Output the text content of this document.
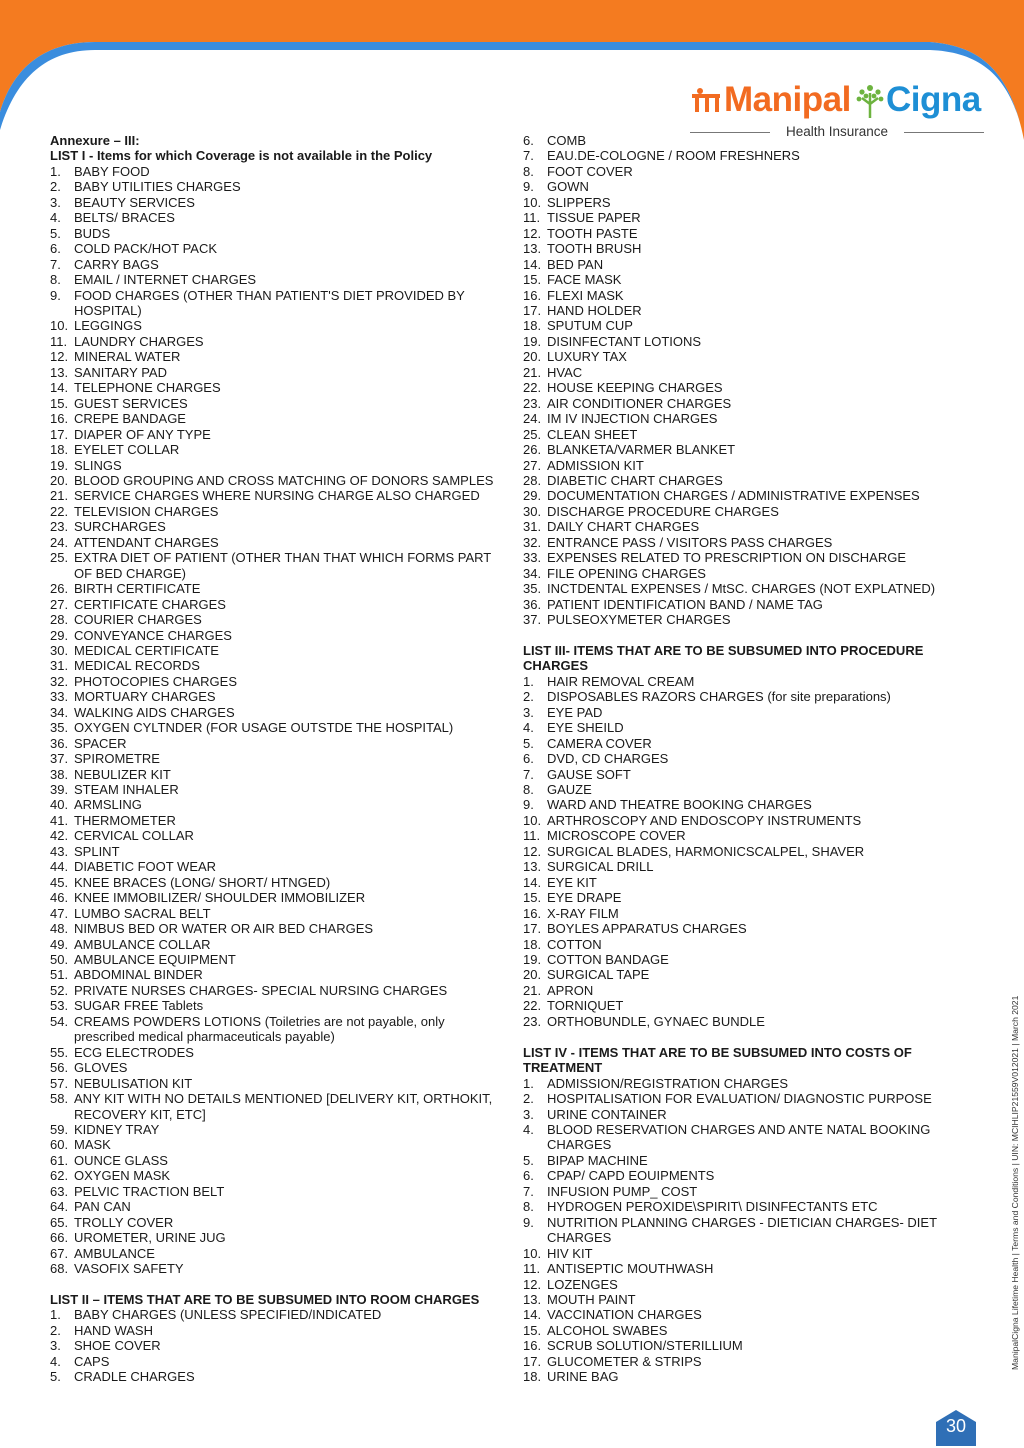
Manipal Cigna
Health Insurance
Annexure – III:
LIST I - Items for which Coverage is not available in the Policy
1. BABY FOOD
2. BABY UTILITIES CHARGES
3. BEAUTY SERVICES
4. BELTS/ BRACES
5. BUDS
6. COLD PACK/HOT PACK
7. CARRY BAGS
8. EMAIL / INTERNET CHARGES
9. FOOD CHARGES (OTHER THAN PATIENT'S DIET PROVIDED BY HOSPITAL)
10. LEGGINGS
11. LAUNDRY CHARGES
12. MINERAL WATER
13. SANITARY PAD
14. TELEPHONE CHARGES
15. GUEST SERVICES
16. CREPE BANDAGE
17. DIAPER OF ANY TYPE
18. EYELET COLLAR
19. SLINGS
20. BLOOD GROUPING AND CROSS MATCHING OF DONORS SAMPLES
21. SERVICE CHARGES WHERE NURSING CHARGE ALSO CHARGED
22. TELEVISION CHARGES
23. SURCHARGES
24. ATTENDANT CHARGES
25. EXTRA DIET OF PATIENT (OTHER THAN THAT WHICH FORMS PART OF BED CHARGE)
26. BIRTH CERTIFICATE
27. CERTIFICATE CHARGES
28. COURIER CHARGES
29. CONVEYANCE CHARGES
30. MEDICAL CERTIFICATE
31. MEDICAL RECORDS
32. PHOTOCOPIES CHARGES
33. MORTUARY CHARGES
34. WALKING AIDS CHARGES
35. OXYGEN CYLTNDER (FOR USAGE OUTSTDE THE HOSPITAL)
36. SPACER
37. SPIROMETRE
38. NEBULIZER KIT
39. STEAM INHALER
40. ARMSLING
41. THERMOMETER
42. CERVICAL COLLAR
43. SPLINT
44. DIABETIC FOOT WEAR
45. KNEE BRACES (LONG/ SHORT/ HTNGED)
46. KNEE IMMOBILIZER/ SHOULDER IMMOBILIZER
47. LUMBO SACRAL BELT
48. NIMBUS BED OR WATER OR AIR BED CHARGES
49. AMBULANCE COLLAR
50. AMBULANCE EQUIPMENT
51. ABDOMINAL BINDER
52. PRIVATE NURSES CHARGES- SPECIAL NURSING CHARGES
53. SUGAR FREE Tablets
54. CREAMS POWDERS LOTIONS (Toiletries are not payable, only prescribed medical pharmaceuticals payable)
55. ECG ELECTRODES
56. GLOVES
57. NEBULISATION KIT
58. ANY KIT WITH NO DETAILS MENTIONED [DELIVERY KIT, ORTHOKIT, RECOVERY KIT, ETC]
59. KIDNEY TRAY
60. MASK
61. OUNCE GLASS
62. OXYGEN MASK
63. PELVIC TRACTION BELT
64. PAN CAN
65. TROLLY COVER
66. UROMETER, URINE JUG
67. AMBULANCE
68. VASOFIX SAFETY
LIST II – ITEMS THAT ARE TO BE SUBSUMED INTO ROOM CHARGES
1. BABY CHARGES (UNLESS SPECIFIED/INDICATED
2. HAND WASH
3. SHOE COVER
4. CAPS
5. CRADLE CHARGES
6. COMB
7. EAU.DE-COLOGNE / ROOM FRESHNERS
8. FOOT COVER
9. GOWN
10. SLIPPERS
11. TISSUE PAPER
12. TOOTH PASTE
13. TOOTH BRUSH
14. BED PAN
15. FACE MASK
16. FLEXI MASK
17. HAND HOLDER
18. SPUTUM CUP
19. DISINFECTANT LOTIONS
20. LUXURY TAX
21. HVAC
22. HOUSE KEEPING CHARGES
23. AIR CONDITIONER CHARGES
24. IM IV INJECTION CHARGES
25. CLEAN SHEET
26. BLANKETA/VARMER BLANKET
27. ADMISSION KIT
28. DIABETIC CHART CHARGES
29. DOCUMENTATION CHARGES / ADMINISTRATIVE EXPENSES
30. DISCHARGE PROCEDURE CHARGES
31. DAILY CHART CHARGES
32. ENTRANCE PASS / VISITORS PASS CHARGES
33. EXPENSES RELATED TO PRESCRIPTION ON DISCHARGE
34. FILE OPENING CHARGES
35. INCTDENTAL EXPENSES / MtSC. CHARGES (NOT EXPLATNED)
36. PATIENT IDENTIFICATION BAND / NAME TAG
37. PULSEOXYMETER CHARGES
LIST III- ITEMS THAT ARE TO BE SUBSUMED INTO PROCEDURE CHARGES
1. HAIR REMOVAL CREAM
2. DISPOSABLES RAZORS CHARGES (for site preparations)
3. EYE PAD
4. EYE SHEILD
5. CAMERA COVER
6. DVD, CD CHARGES
7. GAUSE SOFT
8. GAUZE
9. WARD AND THEATRE BOOKING CHARGES
10. ARTHROSCOPY AND ENDOSCOPY INSTRUMENTS
11. MICROSCOPE COVER
12. SURGICAL BLADES, HARMONICSCALPEL, SHAVER
13. SURGICAL DRILL
14. EYE KIT
15. EYE DRAPE
16. X-RAY FILM
17. BOYLES APPARATUS CHARGES
18. COTTON
19. COTTON BANDAGE
20. SURGICAL TAPE
21. APRON
22. TORNIQUET
23. ORTHOBUNDLE, GYNAEC BUNDLE
LIST IV - ITEMS THAT ARE TO BE SUBSUMED INTO COSTS OF TREATMENT
1. ADMISSION/REGISTRATION CHARGES
2. HOSPITALISATION FOR EVALUATION/ DIAGNOSTIC PURPOSE
3. URINE CONTAINER
4. BLOOD RESERVATION CHARGES AND ANTE NATAL BOOKING CHARGES
5. BIPAP MACHINE
6. CPAP/ CAPD EOUIPMENTS
7. INFUSION PUMP_ COST
8. HYDROGEN PEROXIDE\SPIRIT\ DISINFECTANTS ETC
9. NUTRITION PLANNING CHARGES - DIETICIAN CHARGES- DIET CHARGES
10. HIV KIT
11. ANTISEPTIC MOUTHWASH
12. LOZENGES
13. MOUTH PAINT
14. VACCINATION CHARGES
15. ALCOHOL SWABES
16. SCRUB SOLUTION/STERILLIUM
17. GLUCOMETER & STRIPS
18. URINE BAG
ManipalCigna Lifetime Health | Terms and Conditions | UIN: MCIHLIP21559V012021 | March 2021
30
